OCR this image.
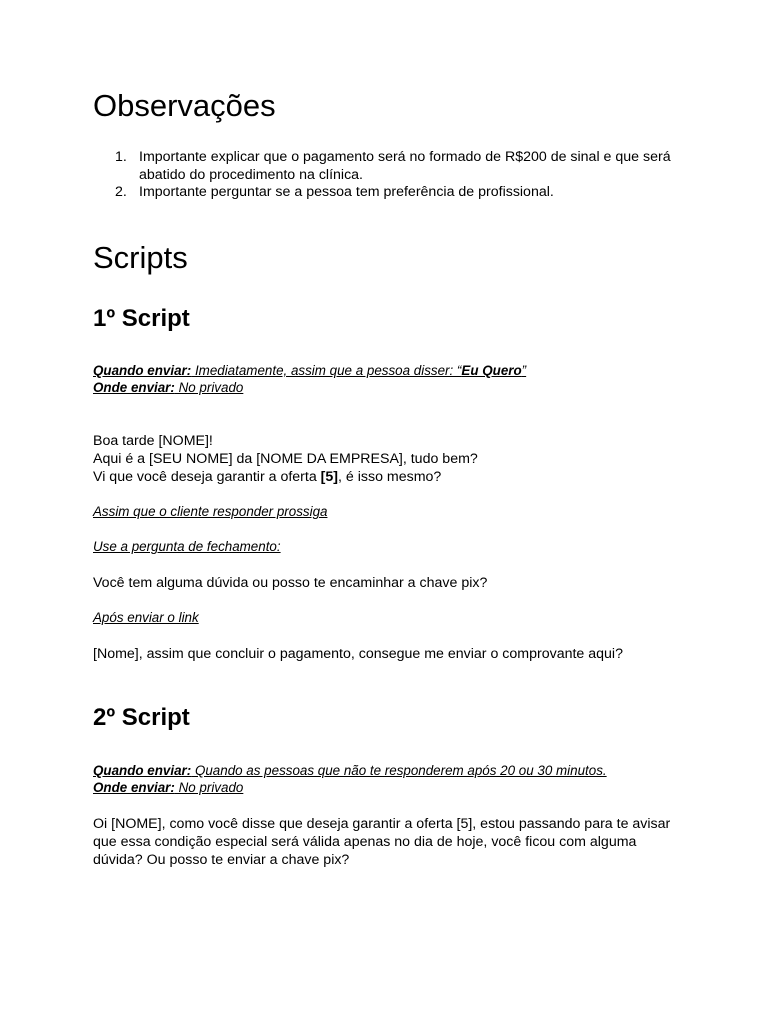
Observações
1. Importante explicar que o pagamento será no formado de R$200 de sinal e que será abatido do procedimento na clínica.
2. Importante perguntar se a pessoa tem preferência de profissional.
Scripts
1º Script
Quando enviar: Imediatamente, assim que a pessoa disser: “Eu Quero”
Onde enviar: No privado
Boa tarde [NOME]!
Aqui é a [SEU NOME] da [NOME DA EMPRESA], tudo bem?
Vi que você deseja garantir a oferta [5], é isso mesmo?
Assim que o cliente responder prossiga
Use a pergunta de fechamento:
Você tem alguma dúvida ou posso te encaminhar a chave pix?
Após enviar o link
[Nome], assim que concluir o pagamento, consegue me enviar o comprovante aqui?
2º Script
Quando enviar: Quando as pessoas que não te responderem após 20 ou 30 minutos.
Onde enviar: No privado
Oi [NOME], como você disse que deseja garantir a oferta [5], estou passando para te avisar
que essa condição especial será válida apenas no dia de hoje, você ficou com alguma
dúvida? Ou posso te enviar a chave pix?
